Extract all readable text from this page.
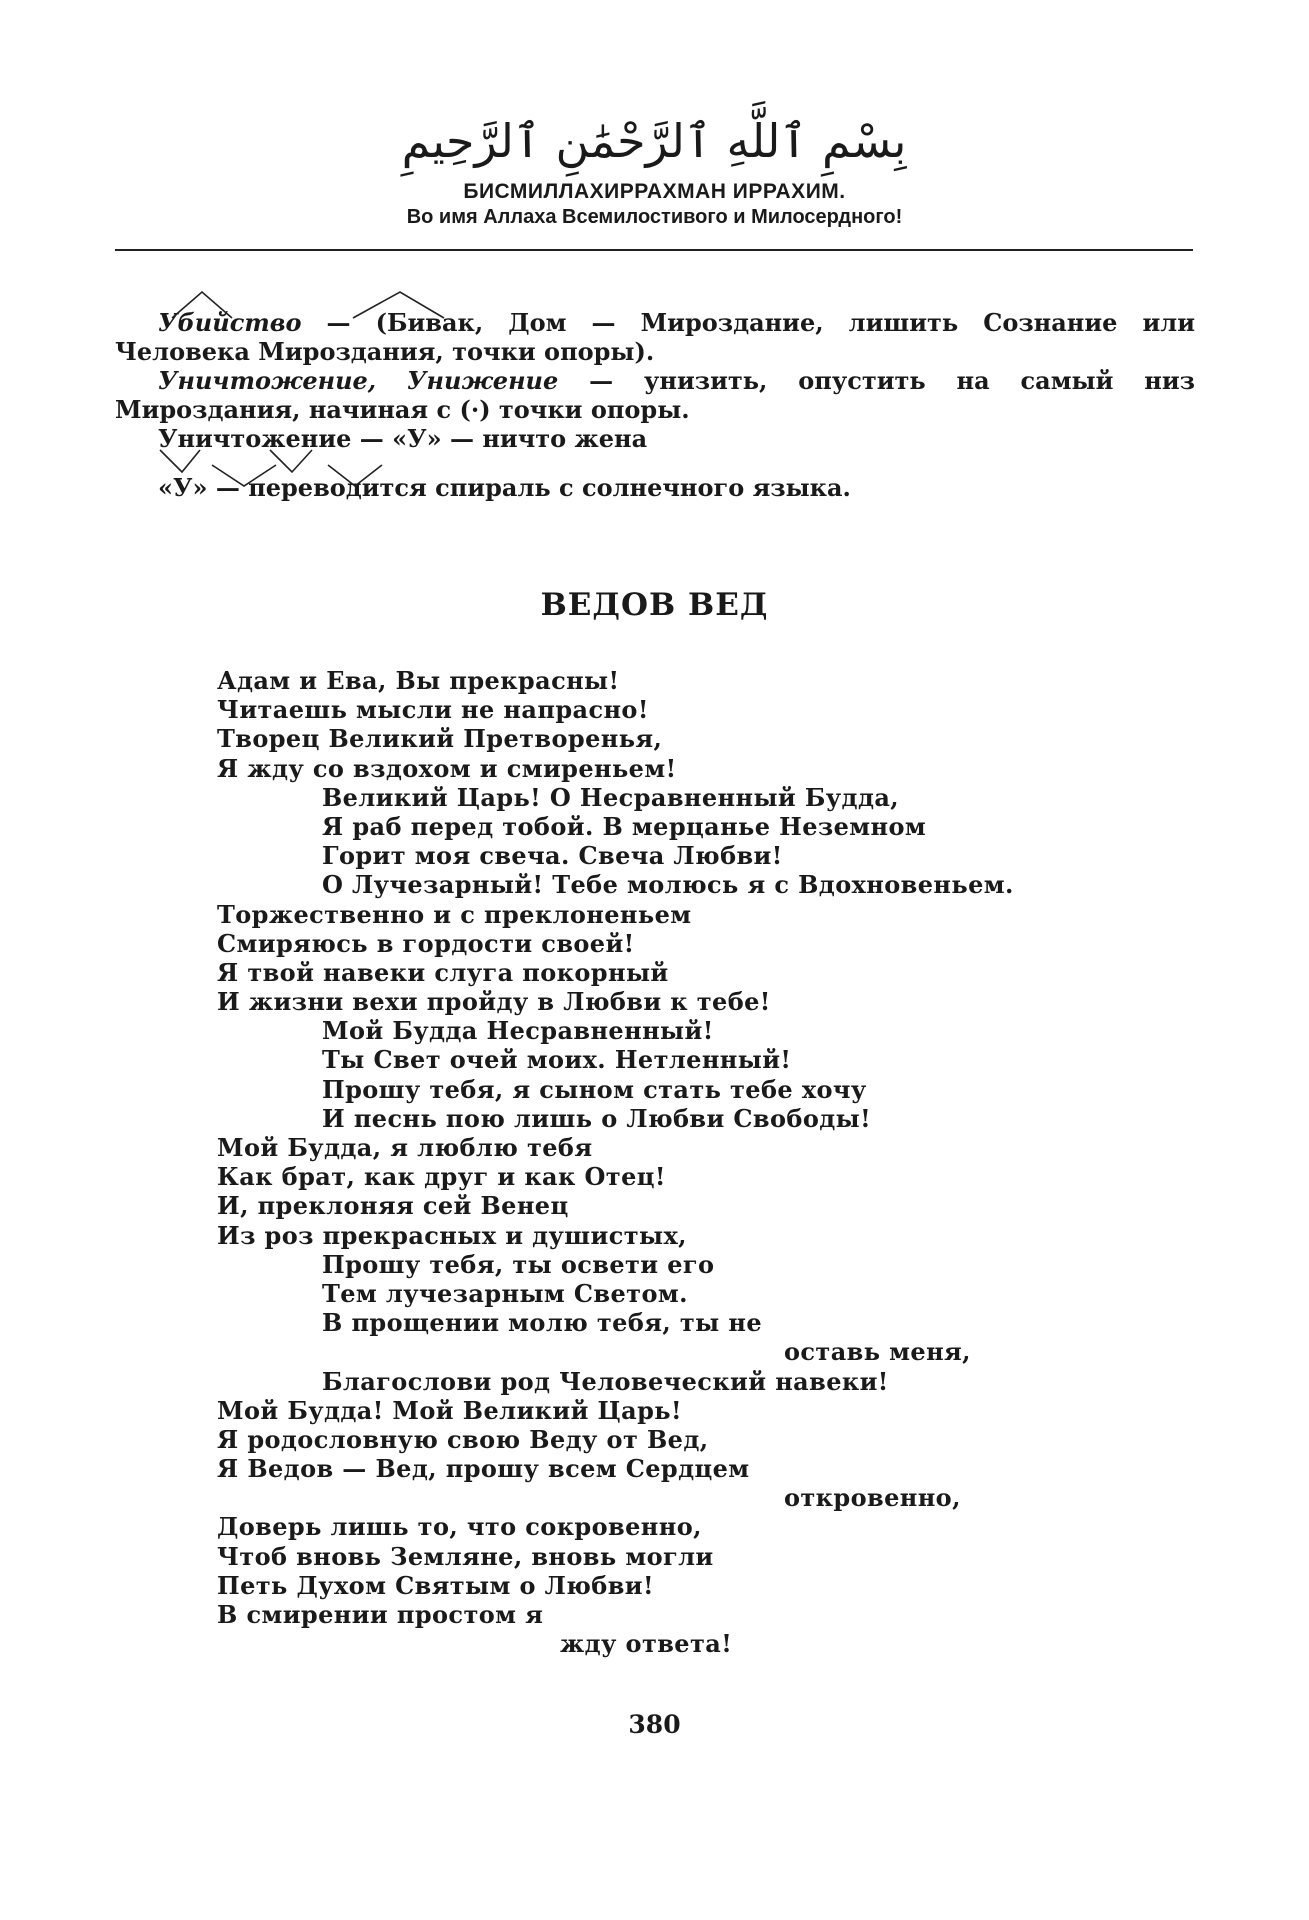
بِسْمِ ٱللَّهِ ٱلرَّحْمَٰنِ ٱلرَّحِيمِ
БИСМИЛЛАХИРРАХМАН ИРРАХИМ.
Во имя Аллаха Всемилостивого и Милосердного!

Убийство — (Бивак, Дом — Мироздание, лишить Сознание или Человека Мироздания, точки опоры).

Уничтожение, Унижение — унизить, опустить на самый низ Мироздания, начиная с (·) точки опоры.

Уничтожение — «У» — ничто жена

«У» — переводится спираль с солнечного языка.

ВЕДОВ ВЕД
Адам и Ева, Вы прекрасны!
Читаешь мысли не напрасно!
Творец Великий Претворенья,
Я жду со вздохом и смиреньем!
Великий Царь! О Несравненный Будда,
Я раб перед тобой. В мерцанье Неземном
Горит моя свеча. Свеча Любви!
О Лучезарный! Тебе молюсь я с Вдохновеньем.
Торжественно и с преклоненьем
Смиряюсь в гордости своей!
Я твой навеки слуга покорный
И жизни вехи пройду в Любви к тебе!
Мой Будда Несравненный!
Ты Свет очей моих. Нетленный!
Прошу тебя, я сыном стать тебе хочу
И песнь пою лишь о Любви Свободы!
Мой Будда, я люблю тебя
Как брат, как друг и как Отец!
И, преклоняя сей Венец
Из роз прекрасных и душистых,
Прошу тебя, ты освети его
Тем лучезарным Светом.
В прощении молю тебя, ты не
оставь меня,
Благослови род Человеческий навеки!
Мой Будда! Мой Великий Царь!
Я родословную свою Веду от Вед,
Я Ведов — Вед, прошу всем Сердцем
откровенно,
Доверь лишь то, что сокровенно,
Чтоб вновь Земляне, вновь могли
Петь Духом Святым о Любви!
В смирении простом я
жду ответа!
380
